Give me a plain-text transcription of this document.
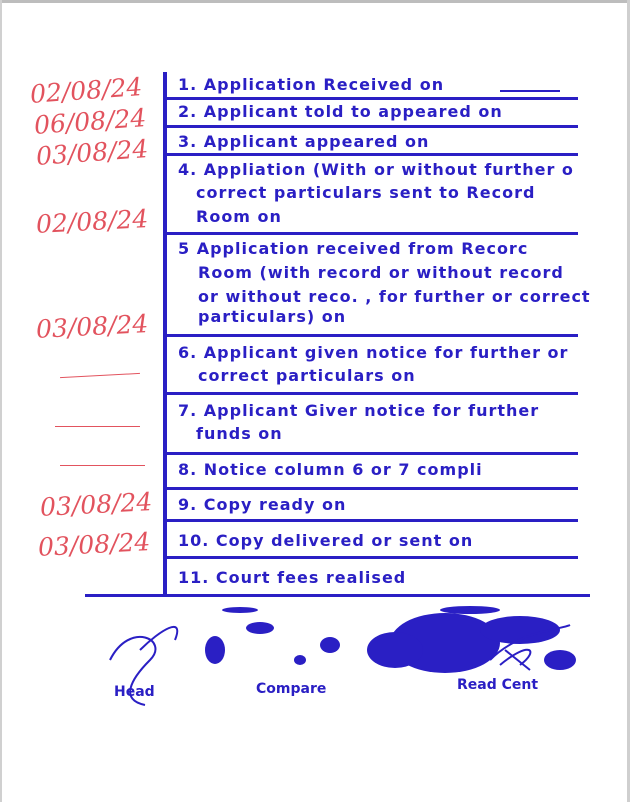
1. Application Received on
2. Applicant told to appeared on
3. Applicant appeared on
4. Appliation (With or without further o
correct particulars sent to Record
Room on
5 Application received from Recorc
Room (with record or without record
or without reco. , for further or correct
particulars) on
6. Applicant given notice for further or
correct particulars on
7. Applicant Giver notice for further
funds on
8. Notice column 6 or 7 compli
9. Copy ready on
10. Copy delivered or sent on
11. Court fees realised
02/08/24
06/08/24
03/08/24
02/08/24
03/08/24
03/08/24
03/08/24
Head	Compare	Read Cent
